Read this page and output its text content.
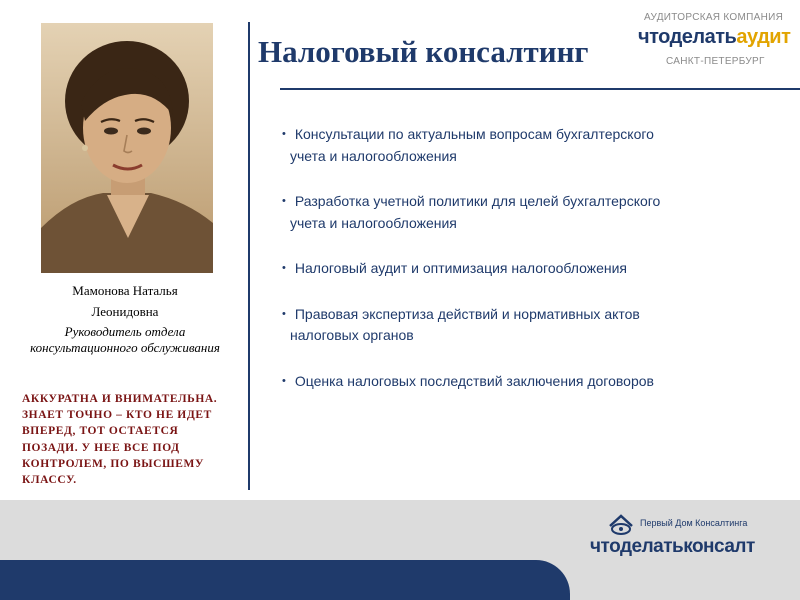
Мамонова Наталья
Леонидовна
Руководитель отдела консультационного обслуживания
АККУРАТНА И ВНИМАТЕЛЬНА. ЗНАЕТ ТОЧНО – КТО НЕ ИДЕТ ВПЕРЕД, ТОТ ОСТАЕТСЯ ПОЗАДИ. У НЕЕ ВСЕ ПОД КОНТРОЛЕМ, ПО ВЫСШЕМУ КЛАССУ.
Налоговый консалтинг
АУДИТОРСКАЯ КОМПАНИЯ
чтоделатьаудит
САНКТ-ПЕТЕРБУРГ
• Консультации по актуальным вопросам бухгалтерского
учета и налогообложения
• Разработка учетной политики для целей бухгалтерского
учета и налогообложения
• Налоговый аудит и оптимизация налогообложения
• Правовая экспертиза действий и нормативных актов
налоговых органов
• Оценка налоговых последствий заключения договоров
Первый Дом Консалтинга
чтоделатьконсалт
